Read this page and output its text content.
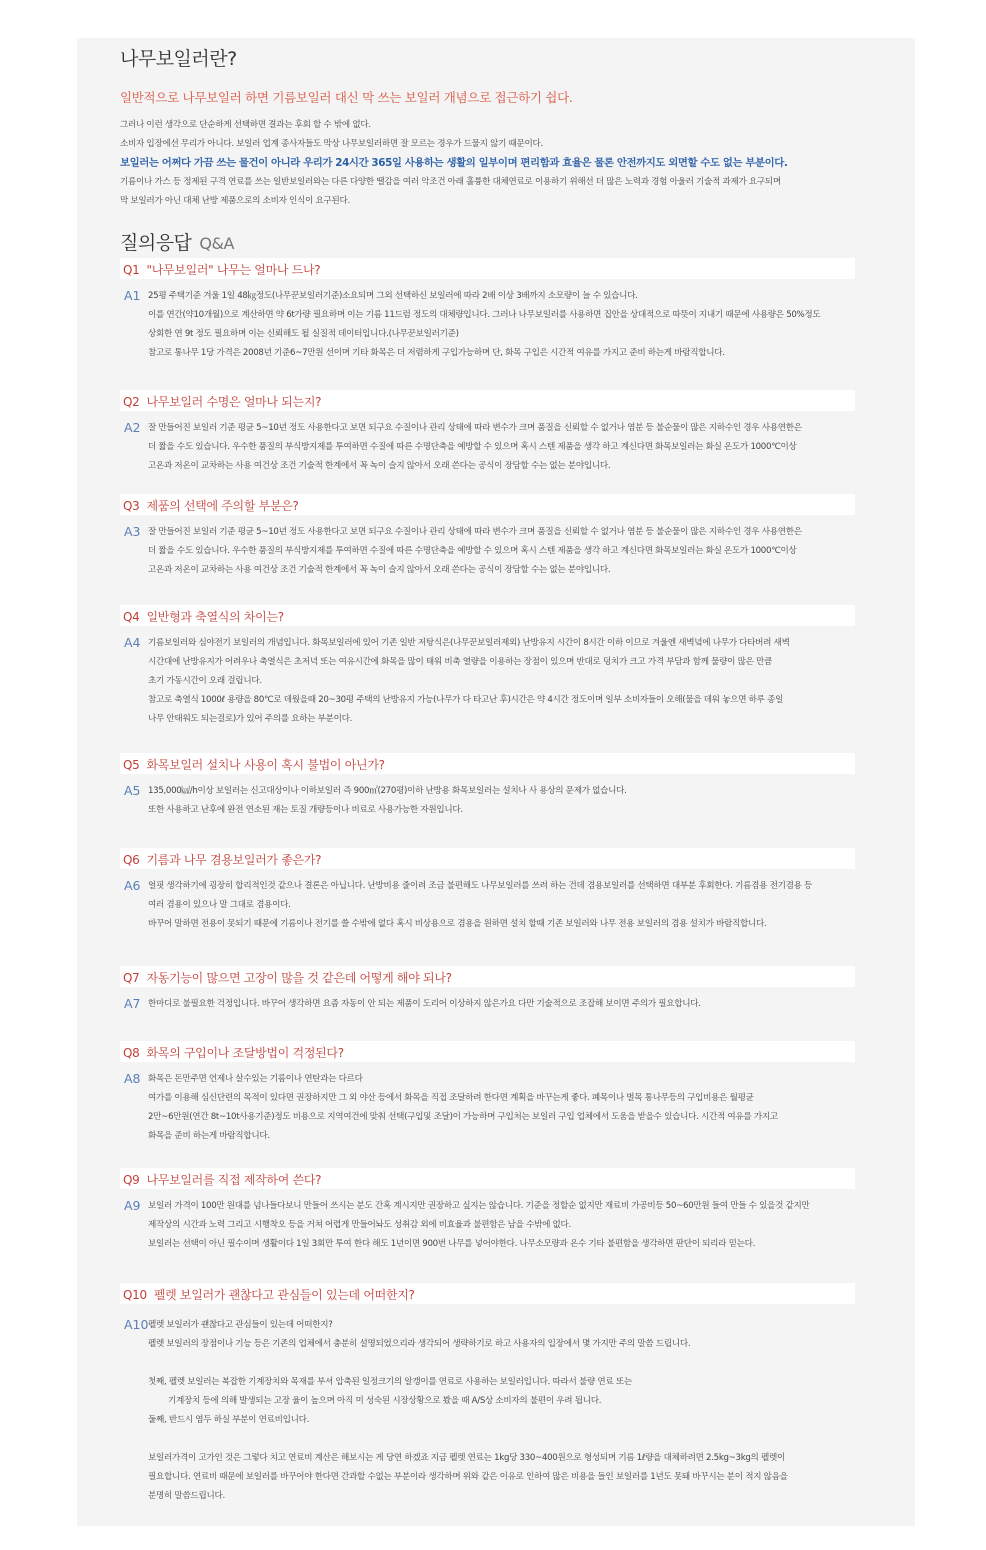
나무보일러란?
일반적으로 나무보일러 하면 기름보일러 대신 막 쓰는 보일러 개념으로 접근하기 쉽다.
그러나 이런 생각으로 단순하게 선택하면 결과는 후회 할 수 밖에 없다.
소비자 입장에선 무리가 아니다. 보일러 업계 종사자들도 막상 나무보일러하면 잘 모르는 경우가 드물지 않기 때문이다.
보일러는 어쩌다 가끔 쓰는 물건이 아니라 우리가 24시간 365일 사용하는 생활의 일부이며 편리함과 효율은 물론 안전까지도 외면할 수도 없는 부분이다.
기름이나 가스 등 정제된 구격 연료를 쓰는 일반보일러와는 다른 다양한 땔감을 여러 악조건 아래 훌륭한 대체연료로 이용하기 위해선 더 많은 노력과 경험 아울러 기술적 과제가 요구되며
막 보일러가 아닌 대체 난방 제품으로의 소비자 인식이 요구된다.
질의응답 Q&A
Q1 "나무보일러" 나무는 얼마나 드나?
A1 25평 주택기준 겨울 1일 48㎏정도(나무꾼보일러기준)소요되며 그외 선택하신 보일러에 따라 2배 이상 3배까지 소모량이 늘 수 있습니다.
이를 연간(약10개월)으로 계산하면 약 6t가량 필요하며 이는 기름 11드럼 정도의 대체량입니다. 그러나 나무보일러를 사용하면 집안을 상대적으로 따뜻이 지내기 때문에 사용량은 50%정도
상회한 연 9t 정도 필요하며 이는 신뢰해도 될 실질적 데이터입니다.(나무꾼보일러기준)
참고로 통나무 1당 가격은 2008년 기준6~7만원 선이며 기타 화목은 더 저렴하게 구입가능하며 단, 화목 구입은 시간적 여유를 가지고 준비 하는게 바람직합니다.
Q2 나무보일러 수명은 얼마나 되는지?
A2 잘 만들어진 보일러 기준 평균 5~10년 정도 사용한다고 보면 되구요 수질이나 관리 상태에 따라 변수가 크며 품질을 신뢰할 수 없거나 염분 등 불순물이 많은 지하수인 경우 사용연한은
더 짧을 수도 있습니다. 우수한 품질의 부식방지제를 투여하면 수질에 따른 수명단축을 예방할 수 있으며 혹시 스텐 제품을 생각 하고 계신다면 화목보일러는 화실 온도가 1000℃이상
고온과 저온이 교차하는 사용 여건상 조건 기술적 한계에서 꼭 녹이 슬지 않아서 오래 쓴다는 공식이 장담할 수는 없는 분야입니다.
Q3 제품의 선택에 주의할 부분은?
A3 잘 만들어진 보일러 기준 평균 5~10년 정도 사용한다고 보면 되구요 수질이나 관리 상태에 따라 변수가 크며 품질을 신뢰할 수 없거나 염분 등 불순물이 많은 지하수인 경우 사용연한은
더 짧을 수도 있습니다. 우수한 품질의 부식방지제를 투여하면 수질에 따른 수명단축을 예방할 수 있으며 혹시 스텐 제품을 생각 하고 계신다면 화목보일러는 화실 온도가 1000℃이상
고온과 저온이 교차하는 사용 여건상 조건 기술적 한계에서 꼭 녹이 슬지 않아서 오래 쓴다는 공식이 장담할 수는 없는 분야입니다.
Q4 일반형과 축열식의 차이는?
A4 기름보일러와 심야전기 보일러의 개념입니다. 화목보일러에 있어 기존 일반 저탕식은(나무꾼보일러제외) 난방유지 시간이 8시간 이하 이므로 겨울엔 새벽녘에 나무가 다타버려 새벽
시간대에 난방유지가 어려우나 축열식은 초저녁 또는 여유시간에 화목을 많이 태워 비축 열량을 이용하는 장점이 있으며 반대로 덩치가 크고 가격 부담과 함께 물량이 많은 만큼
초기 가동시간이 오래 걸립니다.
참고로 축열식 1000ℓ 용량을 80℃로 데웠을때 20~30평 주택의 난방유지 가능(나무가 다 타고난 후)시간은 약 4시간 정도이며 일부 소비자들이 오해(물을 데워 놓으면 하루 종일
나무 안태워도 되는걸로)가 있어 주의를 요하는 부분이다.
Q5 화목보일러 설치나 사용이 혹시 불법이 아닌가?
A5 135,000㎉/h이상 보일러는 신고대상이나 이하보일러 즉 900㎡(270평)이하 난방용 화목보일러는 설치나 사 용상의 문제가 없습니다.
또한 사용하고 난후에 완전 연소된 재는 토질 개량등이나 비료로 사용가능한 자원입니다.
Q6 기름과 나무 겸용보일러가 좋은가?
A6 얼핏 생각하기에 굉장히 합리적인것 같으나 결론은 아닙니다. 난방비용 줄이려 조금 불편해도 나무보일러를 쓰려 하는 건데 겸용보일러를 선택하면 대부분 후회한다. 기름겸용 전기겸용 등
여러 겸용이 있으나 말 그대로 겸용이다.
바꾸어 말하면 전용이 못되기 때문에 기름이나 전기를 쓸 수밖에 없다 혹시 비상용으로 겸용을 원하면 설치 할때 기존 보일러와 나무 전용 보일러의 겸용 설치가 바람직합니다.
Q7 자동기능이 많으면 고장이 많을 것 같은데 어떻게 해야 되나?
A7 한마디로 불필요한 걱정입니다. 바꾸어 생각하면 요즘 자동이 안 되는 제품이 도리어 이상하지 않은가요 다만 기술적으로 조잡해 보이면 주의가 필요합니다.
Q8 화목의 구입이나 조달방법이 걱정된다?
A8 화목은 돈만주면 언제나 살수있는 기름이나 연탄과는 다르다
여가를 이용해 심신단련의 목적이 있다면 권장하지만 그 외 야산 등에서 화목을 직접 조달하려 한다면 계획을 바꾸는게 좋다. 폐목이나 벌목 통나무등의 구입비용은 월평균
2만~6만원(연간 8t~10t사용기준)정도 비용으로 지역여건에 맞춰 선택(구입및 조달)이 가능하며 구입처는 보일러 구입 업체에서 도움을 받을수 있습니다. 시간적 여유를 가지고
화목을 준비 하는게 바람직합니다.
Q9 나무보일러를 직접 제작하여 쓴다?
A9 보일러 가격이 100만 원대를 넘나들다보니 만들어 쓰시는 분도 간혹 계시지만 권장하고 싶지는 않습니다. 기준을 정할순 없지만 재료비 가공비등 50~60만원 들여 만들 수 있을것 같지만
제작상의 시간과 노력 그리고 시행착오 등을 거쳐 어렵게 만들어놔도 성취감 외에 비효율과 불편함은 남을 수밖에 없다.
보일러는 선택이 아닌 필수이며 생활이다 1일 3회만 투여 한다 해도 1년이면 900번 나무를 넣어야한다. 나무소모량과 온수 기타 불편함을 생각하면 판단이 되리라 믿는다.
Q10 펠렛 보일러가 괜찮다고 관심들이 있는데 어떠한지?
A10 펠렛 보일러가 괜찮다고 관심들이 있는데 어떠한지?
펠렛 보일러의 장점이나 기능 등은 기존의 업체에서 충분히 설명되었으리라 생각되어 생략하기로 하고 사용자의 입장에서 몇 가지만 주의 말씀 드립니다.
첫째, 펠렛 보일러는 복잡한 기계장치와 목재를 부셔 압축된 일정크기의 알갱이를 연료로 사용하는 보일러입니다. 따라서 불량 연료 또는
기계장치 등에 의해 발생되는 고장 율이 높으며 아직 미 성숙된 시장상황으로 봤을 때 A/S상 소비자의 불편이 우려 됩니다.
둘째, 반드시 염두 하실 부분이 연료비입니다.
보일러가격이 고가인 것은 그렇다 치고 연료비 계산은 해보시는 게 당연 하겠죠 지금 펠렛 연료는 1kg당 330~400원으로 형성되며 기름 1ℓ량을 대체하려면 2.5kg~3kg의 펠렛이
필요합니다. 연료비 때문에 보일러를 바꾸어야 한다면 간과할 수없는 부분이라 생각하며 위와 같은 이유로 인하여 많은 비용을 들인 보일러를 1년도 못돼 바꾸시는 분이 적지 않음을
분명히 말씀드립니다.
